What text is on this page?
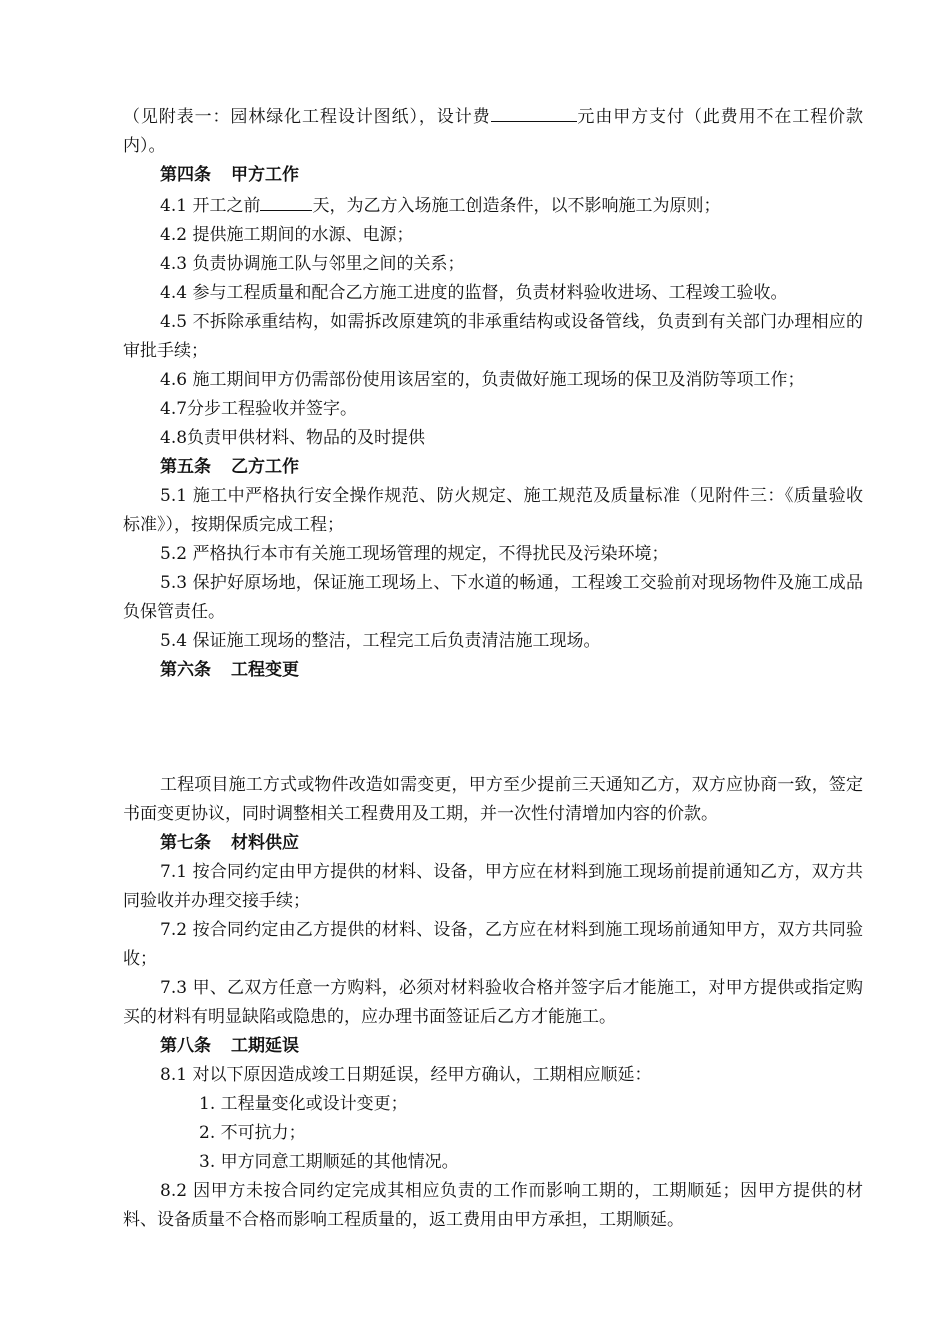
（见附表一：园林绿化工程设计图纸），设计费	元由甲方支付（此费用不在工程价款内）。

第四条 甲方工作

4.1 开工之前	天，为乙方入场施工创造条件，以不影响施工为原则；

4.2 提供施工期间的水源、电源；

4.3 负责协调施工队与邻里之间的关系；

4.4 参与工程质量和配合乙方施工进度的监督，负责材料验收进场、工程竣工验收。

4.5 不拆除承重结构，如需拆改原建筑的非承重结构或设备管线，负责到有关部门办理相应的审批手续；

4.6 施工期间甲方仍需部份使用该居室的，负责做好施工现场的保卫及消防等项工作；

4.7分步工程验收并签字。

4.8负责甲供材料、物品的及时提供

第五条 乙方工作

5.1 施工中严格执行安全操作规范、防火规定、施工规范及质量标准（见附件三：《质量验收标准》），按期保质完成工程；

5.2 严格执行本市有关施工现场管理的规定，不得扰民及污染环境；

5.3 保护好原场地，保证施工现场上、下水道的畅通，工程竣工交验前对现场物件及施工成品负保管责任。

5.4 保证施工现场的整洁，工程完工后负责清洁施工现场。

第六条 工程变更

工程项目施工方式或物件改造如需变更，甲方至少提前三天通知乙方，双方应协商一致，签定书面变更协议，同时调整相关工程费用及工期，并一次性付清增加内容的价款。

第七条 材料供应

7.1 按合同约定由甲方提供的材料、设备，甲方应在材料到施工现场前提前通知乙方，双方共同验收并办理交接手续；

7.2 按合同约定由乙方提供的材料、设备，乙方应在材料到施工现场前通知甲方，双方共同验收；

7.3 甲、乙双方任意一方购料，必须对材料验收合格并签字后才能施工，对甲方提供或指定购买的材料有明显缺陷或隐患的，应办理书面签证后乙方才能施工。

第八条 工期延误

8.1 对以下原因造成竣工日期延误，经甲方确认，工期相应顺延：

1. 工程量变化或设计变更；

2. 不可抗力；

3. 甲方同意工期顺延的其他情况。

8.2 因甲方未按合同约定完成其相应负责的工作而影响工期的，工期顺延；因甲方提供的材料、设备质量不合格而影响工程质量的，返工费用由甲方承担，工期顺延。
